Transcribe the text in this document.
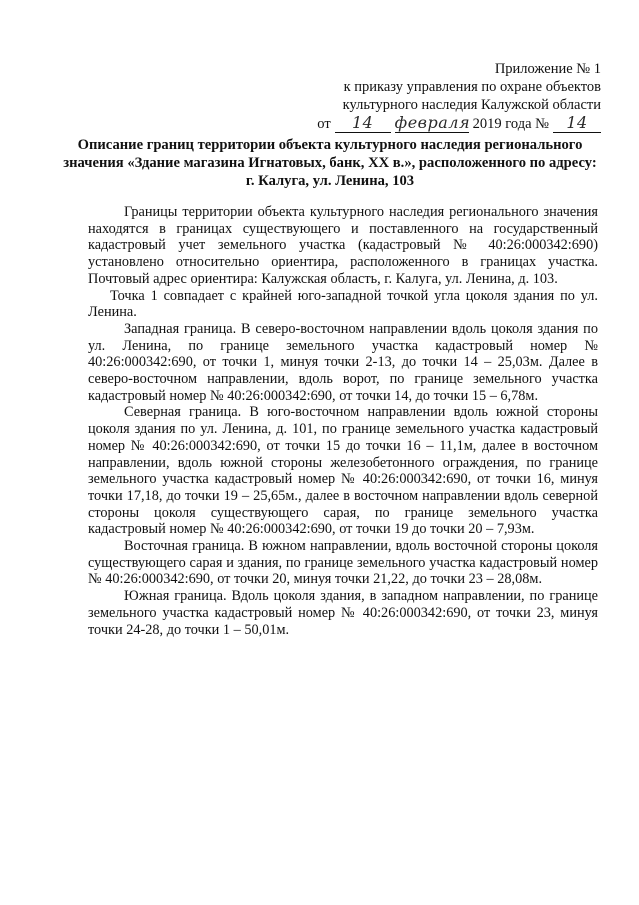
Приложение № 1
к приказу управления по охране объектов
культурного наследия Калужской области
от	14	февраля 2019 года №	14
Описание границ территории объекта культурного наследия регионального
значения «Здание магазина Игнатовых, банк, XX в.», расположенного по адресу:
г. Калуга, ул. Ленина, 103

Границы территории объекта культурного наследия регионального значения находятся в границах существующего и поставленного на государственный кадастровый учет земельного участка (кадастровый № 40:26:000342:690) установлено относительно ориентира, расположенного в границах участка. Почтовый адрес ориентира: Калужская область, г. Калуга, ул. Ленина, д. 103.

Точка 1 совпадает с крайней юго-западной точкой угла цоколя здания по ул. Ленина.

Западная граница. В северо-восточном направлении вдоль цоколя здания по ул. Ленина, по границе земельного участка кадастровый номер № 40:26:000342:690, от точки 1, минуя точки 2-13, до точки 14 – 25,03м. Далее в северо-восточном направлении, вдоль ворот, по границе земельного участка кадастровый номер № 40:26:000342:690, от точки 14, до точки 15 – 6,78м.

Северная граница. В юго-восточном направлении вдоль южной стороны цоколя здания по ул. Ленина, д. 101, по границе земельного участка кадастровый номер № 40:26:000342:690, от точки 15 до точки 16 – 11,1м, далее в восточном направлении, вдоль южной стороны железобетонного ограждения, по границе земельного участка кадастровый номер № 40:26:000342:690, от точки 16, минуя точки 17,18, до точки 19 – 25,65м., далее в восточном направлении вдоль северной стороны цоколя существующего сарая, по границе земельного участка кадастровый номер № 40:26:000342:690, от точки 19 до точки 20 – 7,93м.

Восточная граница. В южном направлении, вдоль восточной стороны цоколя существующего сарая и здания, по границе земельного участка кадастровый номер № 40:26:000342:690, от точки 20, минуя точки 21,22, до точки 23 – 28,08м.

Южная граница. Вдоль цоколя здания, в западном направлении, по границе земельного участка кадастровый номер № 40:26:000342:690, от точки 23, минуя точки 24-28, до точки 1 – 50,01м.
